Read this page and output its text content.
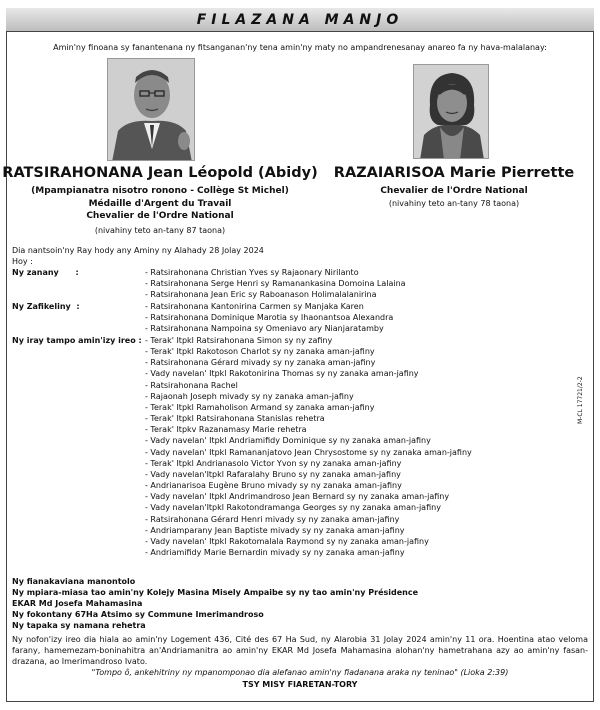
FILAZANA MANJO
Amin'ny finoana sy fanantenana ny fitsanganan'ny tena amin'ny maty no ampandrenesanay anareo fa ny hava-malalanay:
RATSIRAHONANA Jean Léopold (Abidy)
(Mpampianatra nisotro ronono - Collège St Michel)
Médaille d'Argent du Travail
Chevalier de l'Ordre National
(nivahiny teto an-tany 87 taona)
RAZAIARISOA Marie Pierrette
Chevalier de l'Ordre National
(nivahiny teto an-tany 78 taona)
Dia nantsoin'ny Ray hody any Aminy ny Alahady 28 Jolay 2024
Hoy :
Ny zanany      :	- Ratsirahonana Christian Yves sy Rajaonary Nirilanto
- Ratsirahonana Serge Henri sy Ramanankasina Domoina Lalaina
- Ratsirahonana Jean Eric sy Raboanason Holimalalanirina
Ny Zafikeliny  :	- Ratsirahonana Kantonirina Carmen sy Manjaka Karen
- Ratsirahonana Dominique Marotia sy Ihaonantsoa Alexandra
- Ratsirahonana Nampoina sy Omeniavo ary Nianjaratamby
Ny iray tampo amin'izy ireo : - Terak' Itpkl Ratsirahonana Simon sy ny zafiny
- Terak' Itpkl Rakotoson Charlot sy ny zanaka aman-jafiny
- Ratsirahonana Gérard mivady sy ny zanaka aman-jafiny
- Vady navelan' Itpkl Rakotonirina Thomas sy ny zanaka aman-jafiny
- Ratsirahonana Rachel
- Rajaonah Joseph mivady sy ny zanaka aman-jafiny
- Terak' Itpkl Ramaholison Armand sy zanaka aman-jafiny
- Terak' Itpkl Ratsirahonana Stanislas rehetra
- Terak' Itpkv Razanamasy Marie rehetra
- Vady navelan' Itpkl Andriamifidy Dominique sy ny zanaka aman-jafiny
- Vady navelan' Itpkl Ramananjatovo Jean Chrysostome sy ny zanaka aman-jafiny
- Terak' Itpkl Andrianasolo Victor Yvon sy ny zanaka aman-jafiny
- Vady navelan'Itpkl Rafaralahy Bruno sy ny zanaka aman-jafiny
- Andrianarisoa Eugène Bruno mivady sy ny zanaka aman-jafiny
- Vady navelan' Itpkl Andrimandroso Jean Bernard sy ny zanaka aman-jafiny
- Vady navelan'Itpkl Rakotondramanga Georges sy ny zanaka aman-jafiny
- Ratsirahonana Gérard Henri mivady sy ny zanaka aman-jafiny
- Andriamparany Jean Baptiste mivady sy ny zanaka aman-jafiny
- Vady navelan' Itpkl Rakotomalala Raymond sy ny zanaka aman-jafiny
- Andriamifidy Marie Bernardin mivady sy ny zanaka aman-jafiny
M-CL 17721/2-2
Ny fianakaviana manontolo
Ny mpiara-miasa tao amin'ny Kolejy Masina Misely Ampaibe sy ny tao amin'ny Présidence
EKAR Md Josefa Mahamasina
Ny fokontany 67Ha Atsimo sy Commune Imerimandroso
Ny tapaka sy namana rehetra
Ny nofon'izy ireo dia hiala ao amin'ny Logement 436, Cité des 67 Ha Sud, ny Alarobia 31 Jolay 2024 amin'ny 11 ora. Hoentina atao veloma farany, hamemezam-boninahitra an'Andriamanitra ao amin'ny EKAR Md Josefa Mahamasina alohan'ny hametrahana azy ao amin'ny fasan-drazana, ao Imerimandroso Ivato.
"Tompo ô, ankehitriny ny mpanomponao dia alefanao amin'ny fiadanana araka ny teninao" (Lioka 2:39)
TSY MISY FIARETAN-TORY
